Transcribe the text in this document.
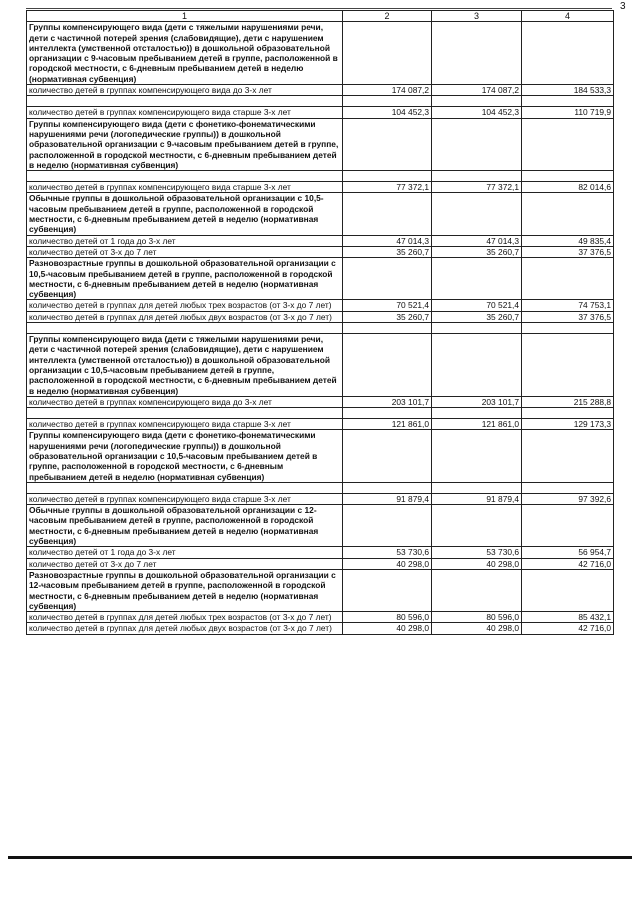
3
1	2	3	4
Группы компенсирующего вида (дети с тяжелыми нарушениями речи, дети с частичной потерей зрения (слабовидящие), дети с нарушением интеллекта (умственной отсталостью)) в дошкольной образовательной организации с 9-часовым пребыванием детей в группе, расположенной в городской местности, с 6-дневным пребыванием детей в неделю (нормативная субвенция)			
количество детей в группах компенсирующего вида до 3-х лет	174 087,2	174 087,2	184 533,3

количество детей в группах компенсирующего вида старше 3-х лет	104 452,3	104 452,3	110 719,9
Группы компенсирующего вида (дети с фонетико-фонематическими нарушениями речи (логопедические группы)) в дошкольной образовательной организации с 9-часовым пребыванием детей в группе, расположенной в городской местности, с 6-дневным пребыванием детей в неделю (нормативная субвенция)			

количество детей в группах компенсирующего вида старше 3-х лет	77 372,1	77 372,1	82 014,6
Обычные группы в дошкольной образовательной организации с 10,5-часовым пребыванием детей в группе, расположенной в городской местности, с 6-дневным пребыванием детей в неделю (нормативная субвенция)			
количество детей от 1 года до 3-х лет	47 014,3	47 014,3	49 835,4
количество детей от 3-х до 7 лет	35 260,7	35 260,7	37 376,5
Разновозрастные группы в дошкольной образовательной организации с 10,5-часовым пребыванием детей в группе, расположенной в городской местности, с 6-дневным пребыванием детей в неделю (нормативная субвенция)			
количество детей в группах для детей любых трех возрастов (от 3-х до 7 лет)	70 521,4	70 521,4	74 753,1
количество детей в группах для детей любых двух возрастов (от 3-х до 7 лет)	35 260,7	35 260,7	37 376,5

Группы компенсирующего вида (дети с тяжелыми нарушениями речи, дети с частичной потерей зрения (слабовидящие), дети с нарушением интеллекта (умственной отсталостью)) в дошкольной образовательной организации с 10,5-часовым пребыванием детей в группе, расположенной в городской местности, с 6-дневным пребыванием детей в неделю (нормативная субвенция)			
количество детей в группах компенсирующего вида до 3-х лет	203 101,7	203 101,7	215 288,8

количество детей в группах компенсирующего вида старше 3-х лет	121 861,0	121 861,0	129 173,3
Группы компенсирующего вида (дети с фонетико-фонематическими нарушениями речи (логопедические группы)) в дошкольной образовательной организации с 10,5-часовым пребыванием детей в группе, расположенной в городской местности, с 6-дневным пребыванием детей в неделю (нормативная субвенция)			

количество детей в группах компенсирующего вида старше 3-х лет	91 879,4	91 879,4	97 392,6
Обычные группы в дошкольной образовательной организации с 12-часовым пребыванием детей в группе, расположенной в городской местности, с 6-дневным пребыванием детей в неделю (нормативная субвенция)			
количество детей от 1 года до 3-х лет	53 730,6	53 730,6	56 954,7
количество детей от 3-х до 7 лет	40 298,0	40 298,0	42 716,0
Разновозрастные группы в дошкольной образовательной организации с 12-часовым пребыванием детей в группе, расположенной в городской местности, с 6-дневным пребыванием детей в неделю (нормативная субвенция)			
количество детей в группах для детей любых трех возрастов (от 3-х до 7 лет)	80 596,0	80 596,0	85 432,1
количество детей в группах для детей любых двух возрастов (от 3-х до 7 лет)	40 298,0	40 298,0	42 716,0
